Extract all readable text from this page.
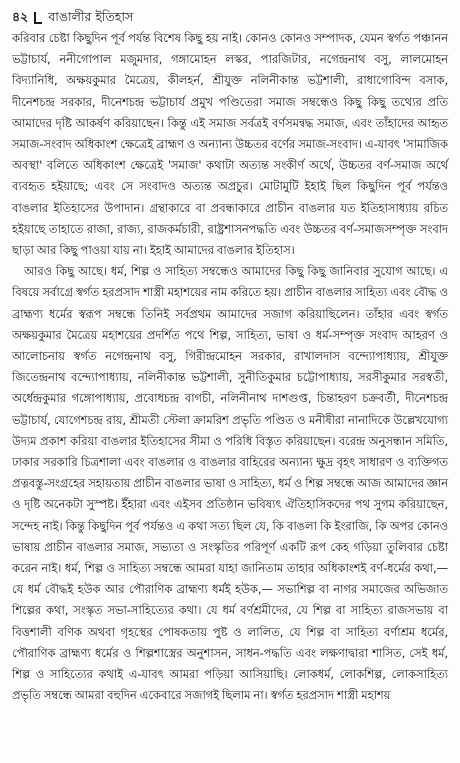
৪২ বাঙালীর ইতিহাস

করিবার চেষ্টা কিছুদিন পূর্ব পর্যন্ত বিশেষ কিছু হয় নাই। কোনও কোনও সম্পাদক, যেমন স্বর্গত পঞ্চানন ভট্টাচার্য, ননীগোপাল মজুমদার, গঙ্গামোহন লস্কর, পারজিটার, নগেন্দ্রনাথ বসু, লালমোহন বিদ্যানিধি, অক্ষয়কুমার মৈত্রেয়, কীলহর্ন, শ্রীযুক্ত নলিনীকান্ত ভট্টশালী, রাধাগোবিন্দ বসাক, দীনেশচন্দ্র সরকার, দীনেশচন্দ্র ভট্টাচার্য প্রমুখ পণ্ডিতেরা সমাজ সম্বন্ধেও কিছু কিছু তথ্যের প্রতি আমাদের দৃষ্টি আকর্ষণ করিয়াছেন। কিন্তু এই সমাজ সর্বত্রই বর্ণসমন্বদ্ধ সমাজ, এবং তাঁহাদের আহৃত সমাজ-সংবাদ অধিকাংশ ক্ষেত্রেই ব্রাহ্মণ ও অন্যান্য উচ্চতর বর্ণের সমাজ-সংবাদ। এ-যাবৎ 'সামাজিক অবস্থা' বলিতে অধিকাংশ ক্ষেত্রেই 'সমাজ' কথাটা অত্যন্ত সংকীর্ণ অর্থে, উচ্চতর বর্ণ-সমাজ অর্থে ব্যবহৃত হইয়াছে; এবং সে সংবাদও অত্যন্ত অপ্রচুর। মোটামুটি ইহাই ছিল কিছুদিন পূর্ব পর্যন্তও বাঙলার ইতিহাসের উপাদান। গ্রন্থাকারে বা প্রবন্ধাকারে প্রাচীন বাঙলার যত ইতিহাসাধ্যায় রচিত হইয়াছে তাহাতে রাজা, রাজ্য, রাজকর্মচারী, রাষ্ট্রশাসনপদ্ধতি এবং উচ্চতর বর্ণ-সমাজসম্পৃক্ত সংবাদ ছাড়া আর কিছু পাওয়া যায় না। ইহাই আমাদের বাঙলার ইতিহাস।

আরও কিছু আছে। ধর্ম, শিল্প ও সাহিত্য সম্বন্ধেও আমাদের কিছু কিছু জানিবার সুযোগ আছে। এ বিষয়ে সর্বাগ্রে স্বর্গত হরপ্রসাদ শাস্ত্রী মহাশয়ের নাম করিতে হয়। প্রাচীন বাঙলার সাহিত্য এবং বৌদ্ধ ও ব্রাহ্মণ্য ধর্মের স্বরূপ সম্বন্ধে তিনিই সর্বপ্রথম আমাদের সজাগ করিয়াছিলেন। তাঁহার এবং স্বর্গত অক্ষয়কুমার মৈত্রেয় মহাশয়ের প্রদর্শিত পথে শিল্প, সাহিত্য, ভাষা ও ধর্ম-সম্পৃক্ত সংবাদ আহরণ ও আলোচনায় স্বর্গত নগেন্দ্রনাথ বসু, গিরীন্দ্রমোহন সরকার, রাখালদাস বন্দ্যোপাধ্যায়, শ্রীযুক্ত জিতেন্দ্রনাথ বন্দ্যোপাধ্যায়, নলিনীকান্ত ভট্টশালী, সুনীতিকুমার চট্টোপাধ্যায়, সরসীকুমার সরস্বতী, অর্ধেন্দ্রকুমার গঙ্গোপাধ্যায়, প্রবোধচন্দ্র বাগচী, নলিনীনাথ দাশগুপ্ত, চিন্তাহরণ চক্রবর্তী, দীনেশচন্দ্র ভট্টাচার্য, যোগেশচন্দ্র রায়, শ্রীমতী স্টেলা ক্রামরিশ প্রভৃতি পণ্ডিত ও মনীষীরা নানাদিকে উল্লেখযোগ্য উদ্যম প্রকাশ করিয়া বাঙলার ইতিহাসের সীমা ও পরিধি বিস্তৃত করিয়াছেন। বরেন্দ্র অনুসন্ধান সমিতি, ঢাকার সরকারি চিত্রশালা এবং বাঙলার ও বাঙলার বাহিরের অন্যান্য ক্ষুদ্র বৃহৎ সাধারণ ও ব্যক্তিগত প্রত্নবস্তু-সংগ্রহের সহায়তায় প্রাচীন বাঙলার ভাষা ও সাহিত্য, ধর্ম ও শিল্প সম্বন্ধে আজ আমাদের জ্ঞান ও দৃষ্টি অনেকটা সুস্পষ্ট। ইঁহারা এবং এইসব প্রতিষ্ঠান ভবিষ্যৎ ঐতিহাসিকদের পথ সুগম করিয়াছেন, সন্দেহ নাই। কিন্তু কিছুদিন পূর্ব পর্যন্তও এ কথা সত্য ছিল যে, কি বাঙলা কি ইংরাজি, কি অপর কোনও ভাষায় প্রাচীন বাঙলার সমাজ, সভ্যতা ও সংস্কৃতির পরিপূর্ণ একটি রূপ কেহ গড়িয়া তুলিবার চেষ্টা করেন নাই। ধর্ম, শিল্প ও সাহিত্য সম্বন্ধে আমরা যাহা জানিতাম তাহার অধিকাংশই বর্ণ-ধর্মের কথা,—যে ধর্ম বৌদ্ধই হউক আর পৌরাণিক ব্রাহ্মণ্য ধর্মই হউক,— সভাশিল্প বা নাগর সমাজের অভিজাত শিল্পের কথা, সংস্কৃত সভা-সাহিত্যের কথা। যে ধর্ম বর্ণশ্রমীদের, যে শিল্প বা সাহিত্য রাজসভায় বা বিত্তশালী বণিক অথবা গৃহস্থের পোষকতায় পুষ্ট ও লালিত, যে শিল্প বা সাহিত্য বর্ণাশ্রম ধর্মের, পৌরাণিক ব্রাহ্মণ্য ধর্মের ও শিল্পশাস্ত্রের অনুশাসন, সাধন-পদ্ধতি এবং লক্ষণাদ্বারা শাসিত, সেই ধর্ম, শিল্প ও সাহিত্যের কথাই এ-যাবৎ আমরা পড়িয়া আসিয়াছি। লোকধর্ম, লোকশিল্প, লোকসাহিত্য প্রভৃতি সম্বন্ধে আমরা বহুদিন একেবারে সজাগই ছিলাম না। স্বর্গত হরপ্রসাদ শাস্ত্রী মহাশয়
